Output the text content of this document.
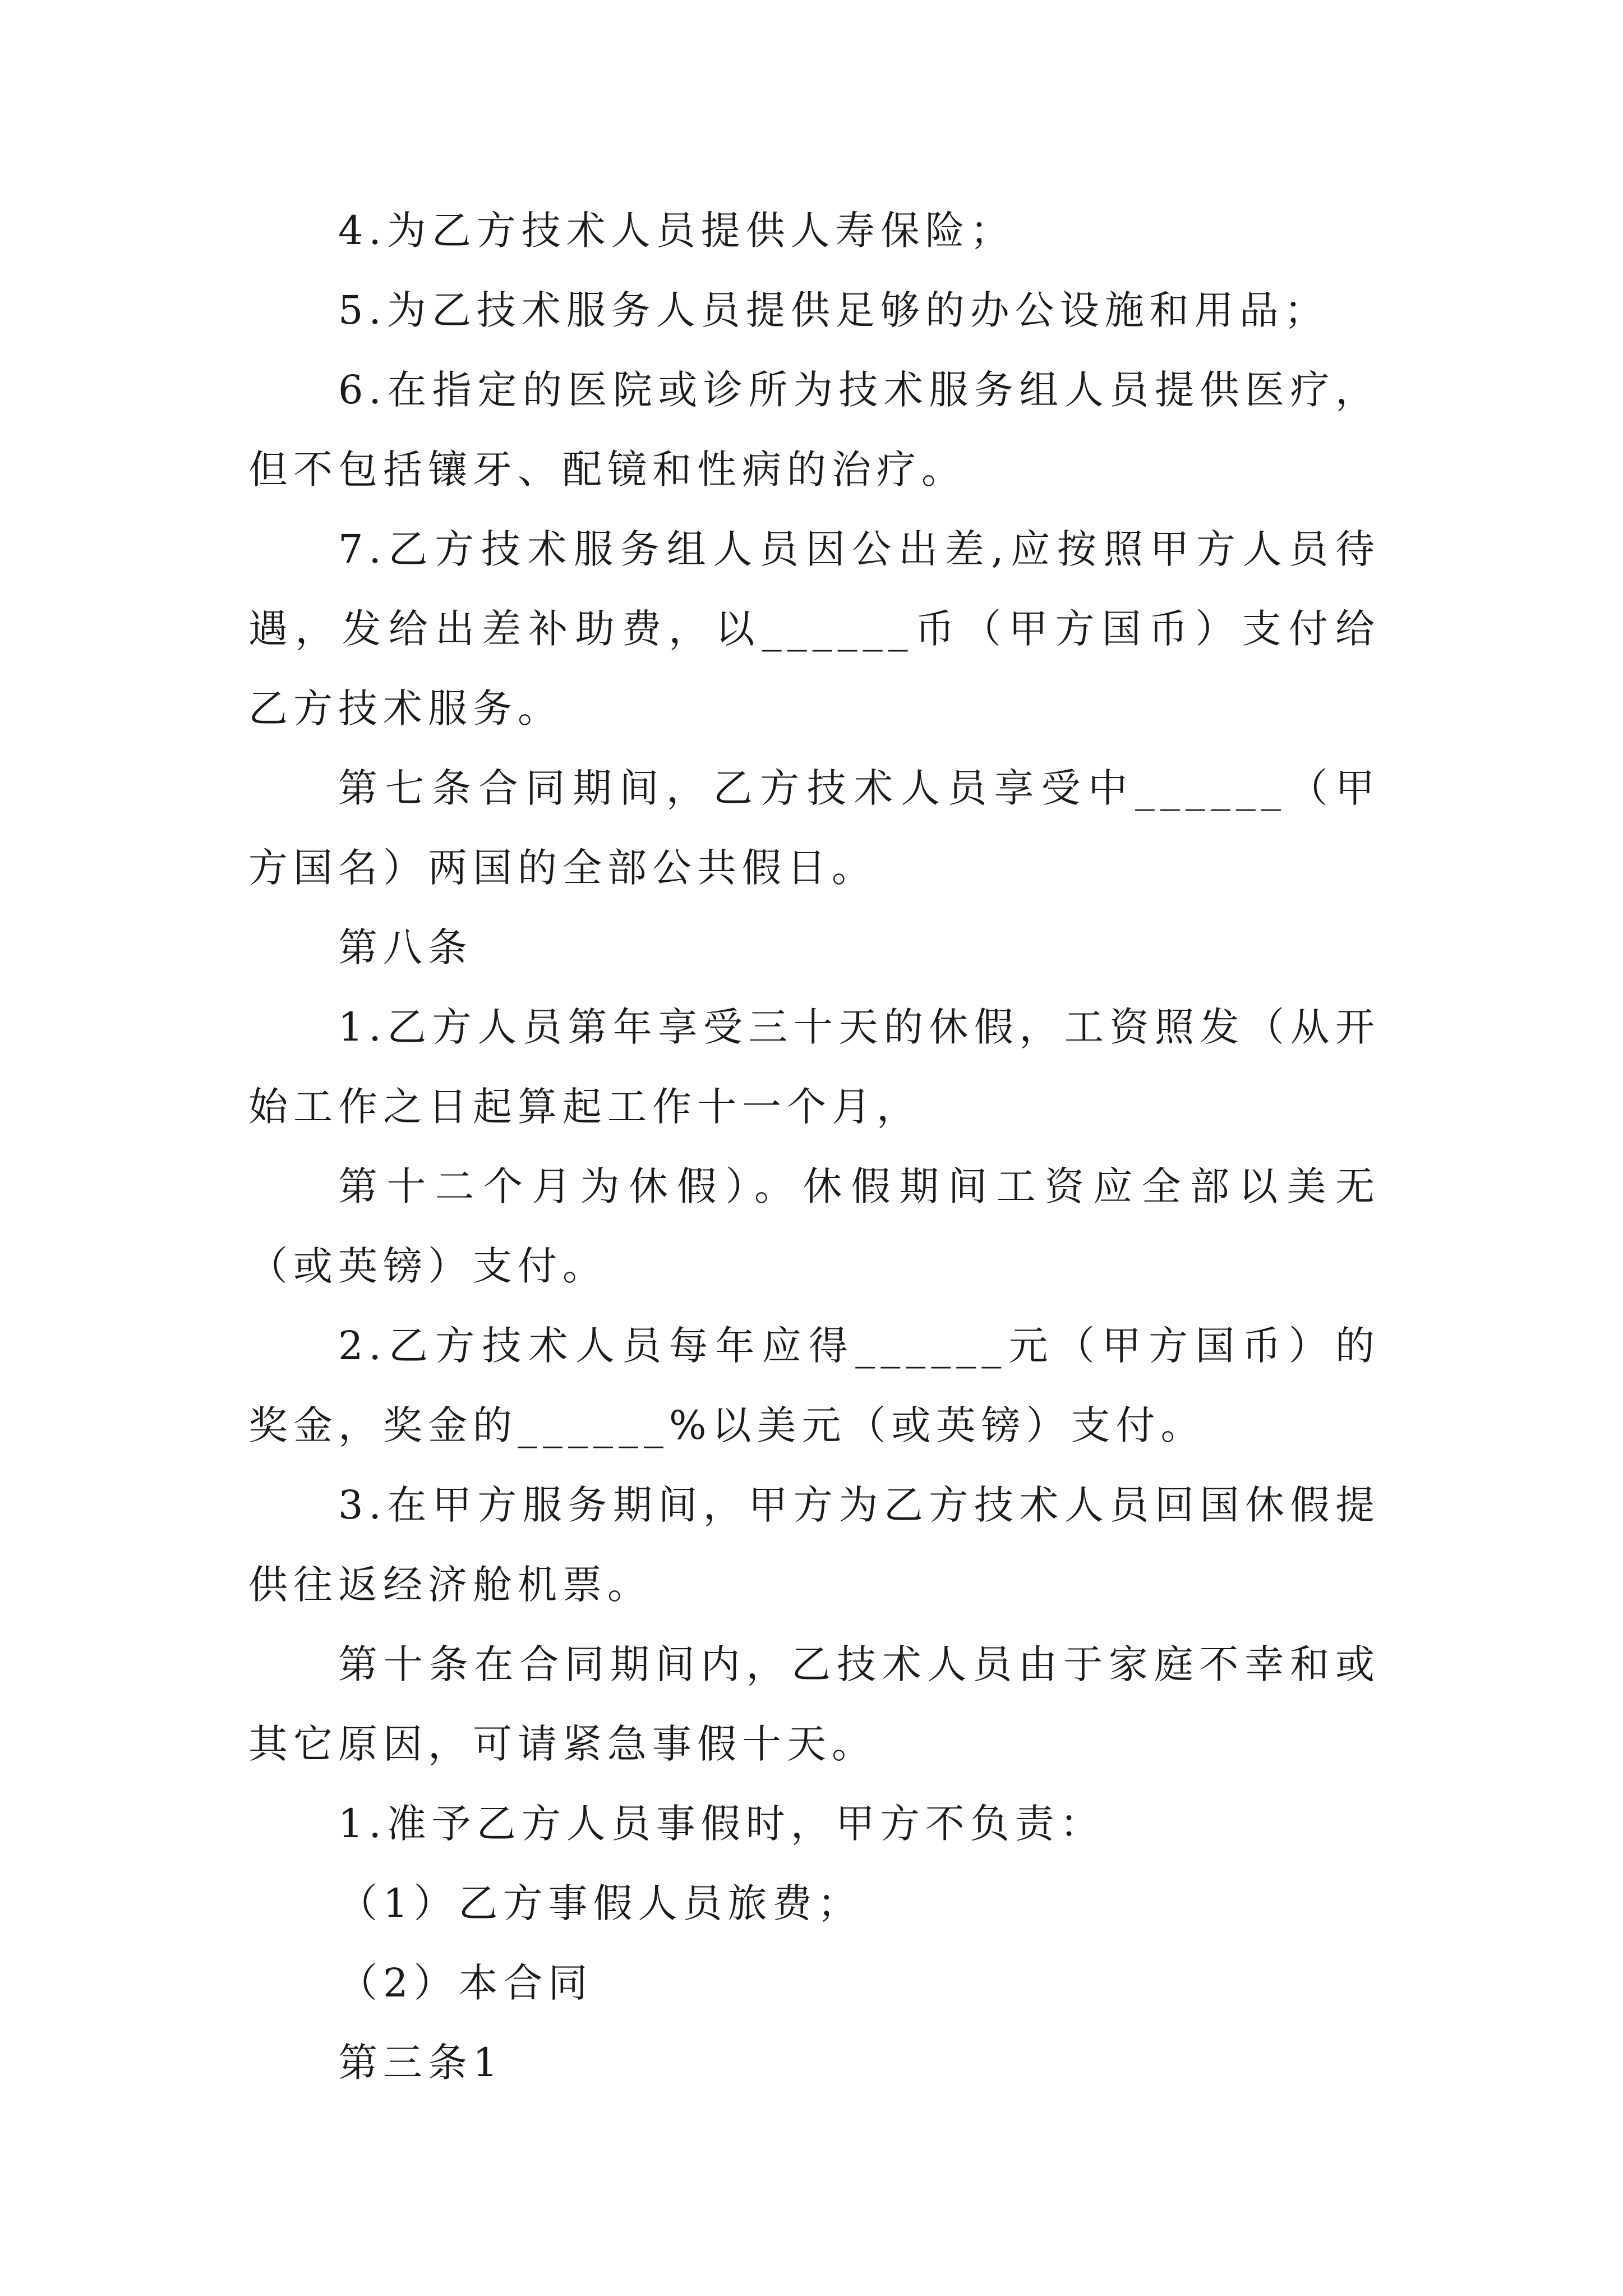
4.为乙方技术人员提供人寿保险；

5.为乙技术服务人员提供足够的办公设施和用品；

6.在指定的医院或诊所为技术服务组人员提供医疗，但不包括镶牙、配镜和性病的治疗。

7.乙方技术服务组人员因公出差,应按照甲方人员待遇，发给出差补助费，以______币（甲方国币）支付给乙方技术服务。

第七条合同期间，乙方技术人员享受中______（甲方国名）两国的全部公共假日。

第八条

1.乙方人员第年享受三十天的休假，工资照发（从开始工作之日起算起工作十一个月，

第十二个月为休假）。休假期间工资应全部以美无（或英镑）支付。

2.乙方技术人员每年应得______元（甲方国币）的奖金，奖金的______%以美元（或英镑）支付。

3.在甲方服务期间，甲方为乙方技术人员回国休假提供往返经济舱机票。

第十条在合同期间内，乙技术人员由于家庭不幸和或其它原因，可请紧急事假十天。

1.准予乙方人员事假时，甲方不负责：

（1）乙方事假人员旅费；

（2）本合同

第三条1
